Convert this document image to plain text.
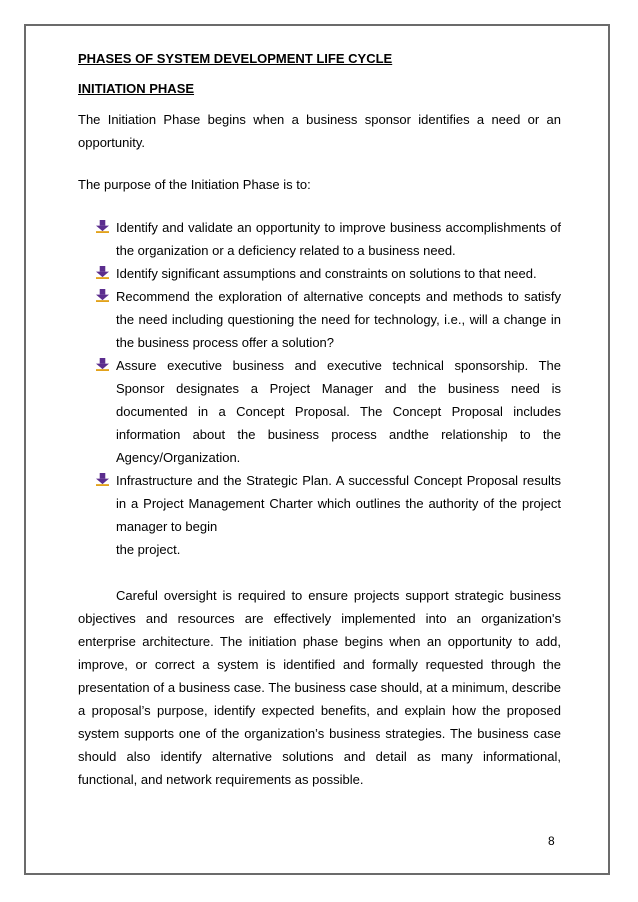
PHASES OF SYSTEM DEVELOPMENT LIFE CYCLE

INITIATION PHASE

The Initiation Phase begins when a business sponsor identifies a need or an opportunity.

The purpose of the Initiation Phase is to:

Identify and validate an opportunity to improve business accomplishments of the organization or a deficiency related to a business need.
Identify significant assumptions and constraints on solutions to that need.
Recommend the exploration of alternative concepts and methods to satisfy the need including questioning the need for technology, i.e., will a change in the business process offer a solution?
Assure executive business and executive technical sponsorship. The Sponsor designates a Project Manager and the business need is documented in a Concept Proposal. The Concept Proposal includes information about the business process andthe relationship to the Agency/Organization.
Infrastructure and the Strategic Plan. A successful Concept Proposal results in a Project Management Charter which outlines the authority of the project manager to begin
the project.

Careful oversight is required to ensure projects support strategic business objectives and resources are effectively implemented into an organization's enterprise architecture. The initiation phase begins when an opportunity to add, improve, or correct a system is identified and formally requested through the presentation of a business case. The business case should, at a minimum, describe a proposal’s purpose, identify expected benefits, and explain how the proposed system supports one of the organization’s business strategies. The business case should also identify alternative solutions and detail as many informational, functional, and network requirements as possible.

8
